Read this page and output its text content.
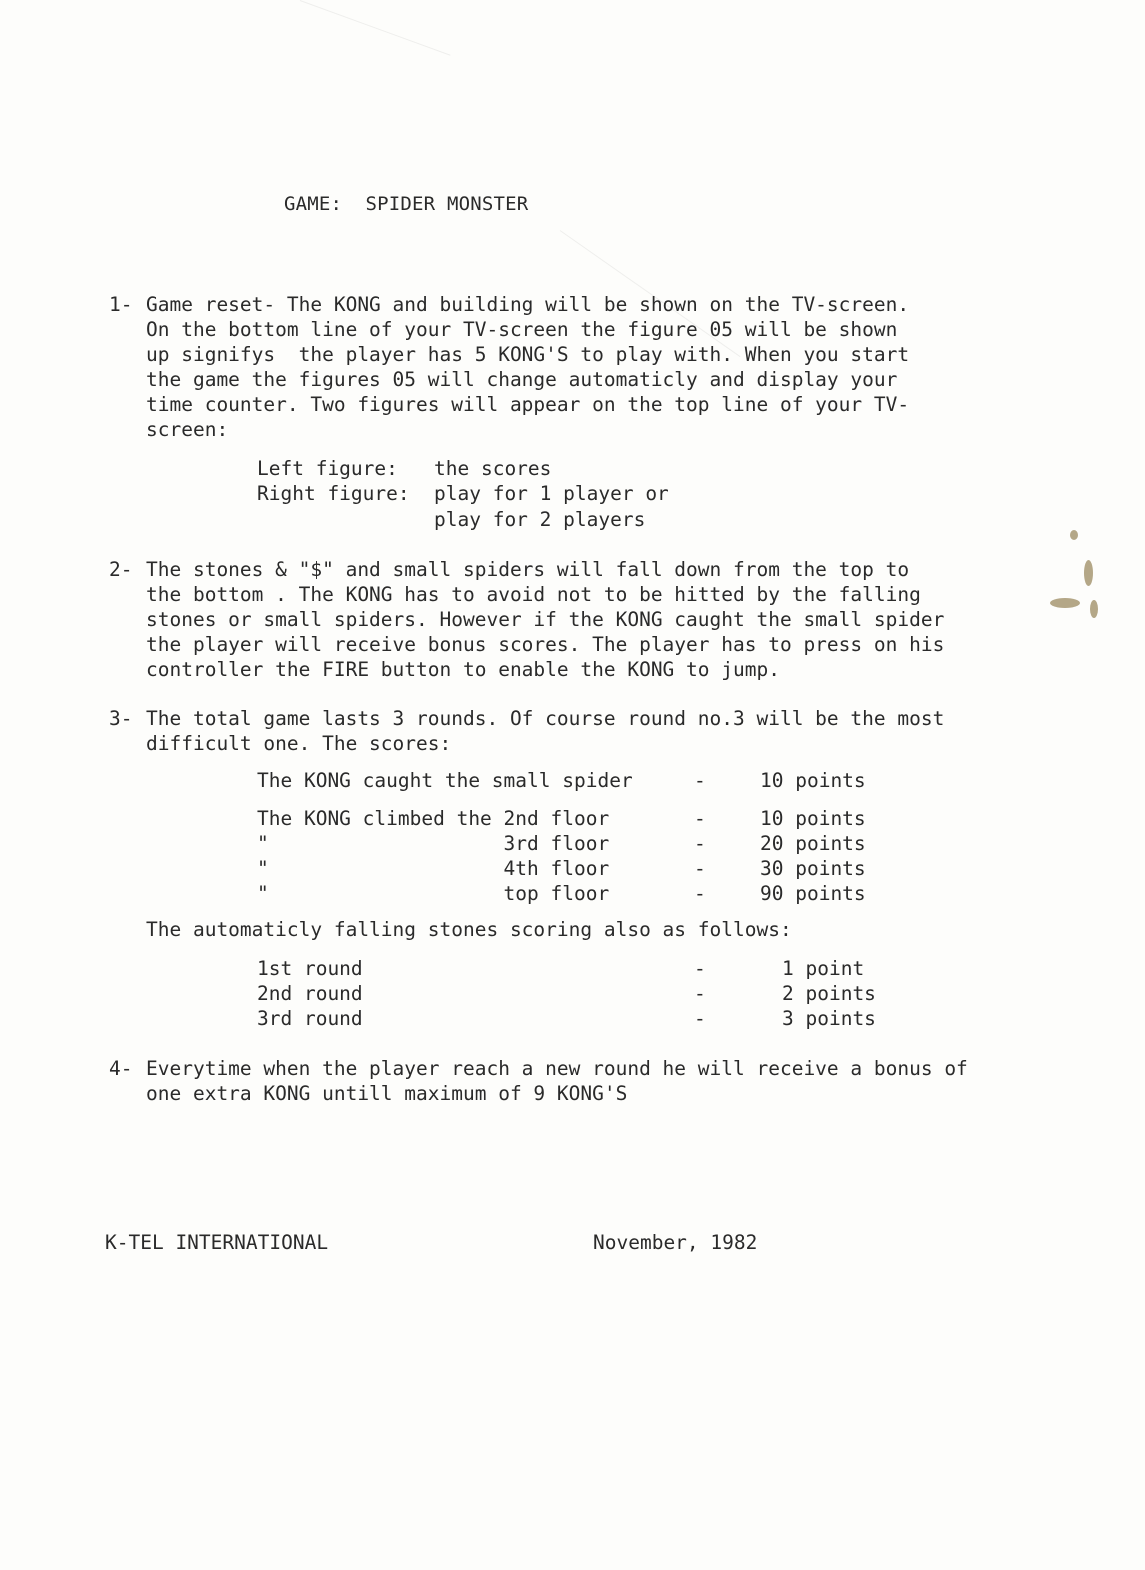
GAME:  SPIDER MONSTER
1- Game reset- The KONG and building will be shown on the TV-screen.
On the bottom line of your TV-screen the figure 05 will be shown
up signifys  the player has 5 KONG'S to play with. When you start
the game the figures 05 will change automaticly and display your
time counter. Two figures will appear on the top line of your TV-
screen:
Left figure: the scores
Right figure: play for 1 player or
play for 2 players
2- The stones & "$" and small spiders will fall down from the top to
the bottom . The KONG has to avoid not to be hitted by the falling
stones or small spiders. However if the KONG caught the small spider
the player will receive bonus scores. The player has to press on his
controller the FIRE button to enable the KONG to jump.
3- The total game lasts 3 rounds. Of course round no.3 will be the most
difficult one. The scores:
The KONG caught the small spider	-	10 points
The KONG climbed the 2nd floor	-	10 points
"                    3rd floor	-	20 points
"                    4th floor	-	30 points
"                    top floor	-	90 points
The automaticly falling stones scoring also as follows:
1st round	-	1 point
2nd round	-	2 points
3rd round	-	3 points
4- Everytime when the player reach a new round he will receive a bonus of
one extra KONG untill maximum of 9 KONG'S
K-TEL INTERNATIONAL	November, 1982
